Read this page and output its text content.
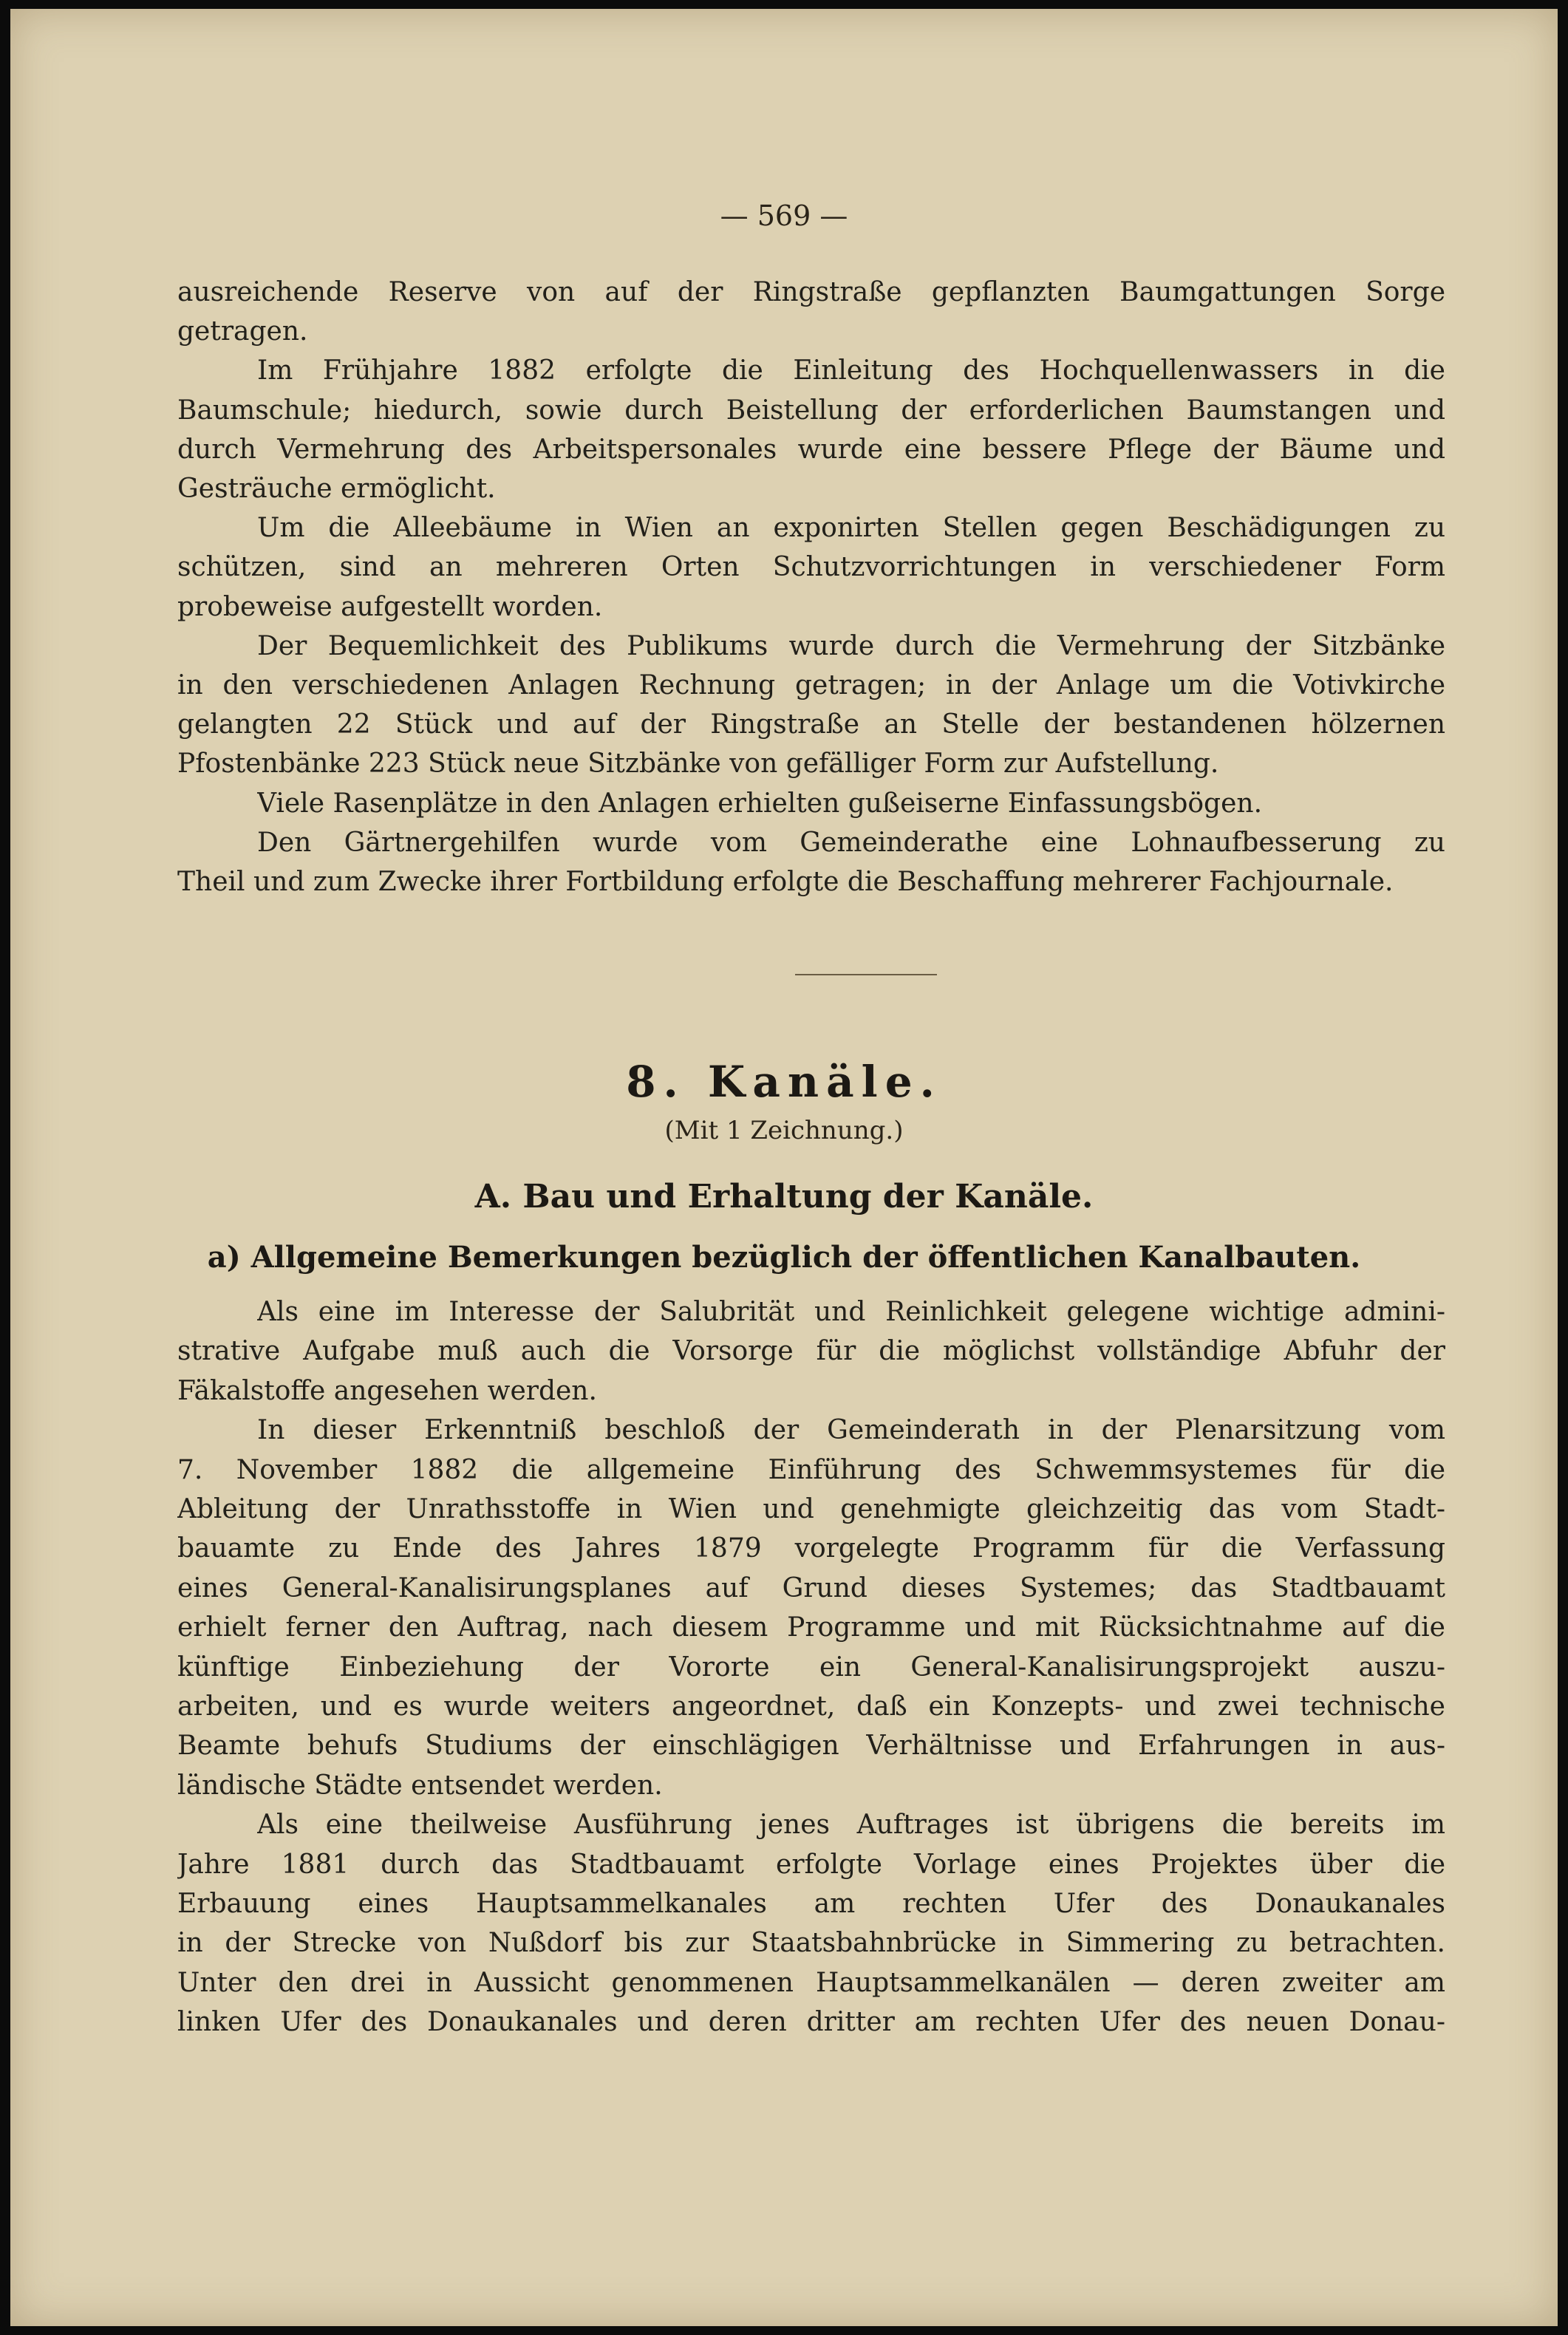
— 569 —
ausreichende Reserve von auf der Ringstraße gepflanzten Baumgattungen Sorge
getragen.
Im Frühjahre 1882 erfolgte die Einleitung des Hochquellenwassers in die
Baumschule; hiedurch, sowie durch Beistellung der erforderlichen Baumstangen und
durch Vermehrung des Arbeitspersonales wurde eine bessere Pflege der Bäume und
Gesträuche ermöglicht.
Um die Alleebäume in Wien an exponirten Stellen gegen Beschädigungen zu
schützen, sind an mehreren Orten Schutzvorrichtungen in verschiedener Form
probeweise aufgestellt worden.
Der Bequemlichkeit des Publikums wurde durch die Vermehrung der Sitzbänke
in den verschiedenen Anlagen Rechnung getragen; in der Anlage um die Votivkirche
gelangten 22 Stück und auf der Ringstraße an Stelle der bestandenen hölzernen
Pfostenbänke 223 Stück neue Sitzbänke von gefälliger Form zur Aufstellung.
Viele Rasenplätze in den Anlagen erhielten gußeiserne Einfassungsbögen.
Den Gärtnergehilfen wurde vom Gemeinderathe eine Lohnaufbesserung zu
Theil und zum Zwecke ihrer Fortbildung erfolgte die Beschaffung mehrerer Fachjournale.
8. Kanäle.
(Mit 1 Zeichnung.)
A. Bau und Erhaltung der Kanäle.
a) Allgemeine Bemerkungen bezüglich der öffentlichen Kanalbauten.
Als eine im Interesse der Salubrität und Reinlichkeit gelegene wichtige admini-
strative Aufgabe muß auch die Vorsorge für die möglichst vollständige Abfuhr der
Fäkalstoffe angesehen werden.
In dieser Erkenntniß beschloß der Gemeinderath in der Plenarsitzung vom
7. November 1882 die allgemeine Einführung des Schwemmsystemes für die
Ableitung der Unrathsstoffe in Wien und genehmigte gleichzeitig das vom Stadt-
bauamte zu Ende des Jahres 1879 vorgelegte Programm für die Verfassung
eines General-Kanalisirungsplanes auf Grund dieses Systemes; das Stadtbauamt
erhielt ferner den Auftrag, nach diesem Programme und mit Rücksichtnahme auf die
künftige Einbeziehung der Vororte ein General-Kanalisirungsprojekt auszu-
arbeiten, und es wurde weiters angeordnet, daß ein Konzepts- und zwei technische
Beamte behufs Studiums der einschlägigen Verhältnisse und Erfahrungen in aus-
ländische Städte entsendet werden.
Als eine theilweise Ausführung jenes Auftrages ist übrigens die bereits im
Jahre 1881 durch das Stadtbauamt erfolgte Vorlage eines Projektes über die
Erbauung eines Hauptsammelkanales am rechten Ufer des Donaukanales
in der Strecke von Nußdorf bis zur Staatsbahnbrücke in Simmering zu betrachten.
Unter den drei in Aussicht genommenen Hauptsammelkanälen — deren zweiter am
linken Ufer des Donaukanales und deren dritter am rechten Ufer des neuen Donau-
